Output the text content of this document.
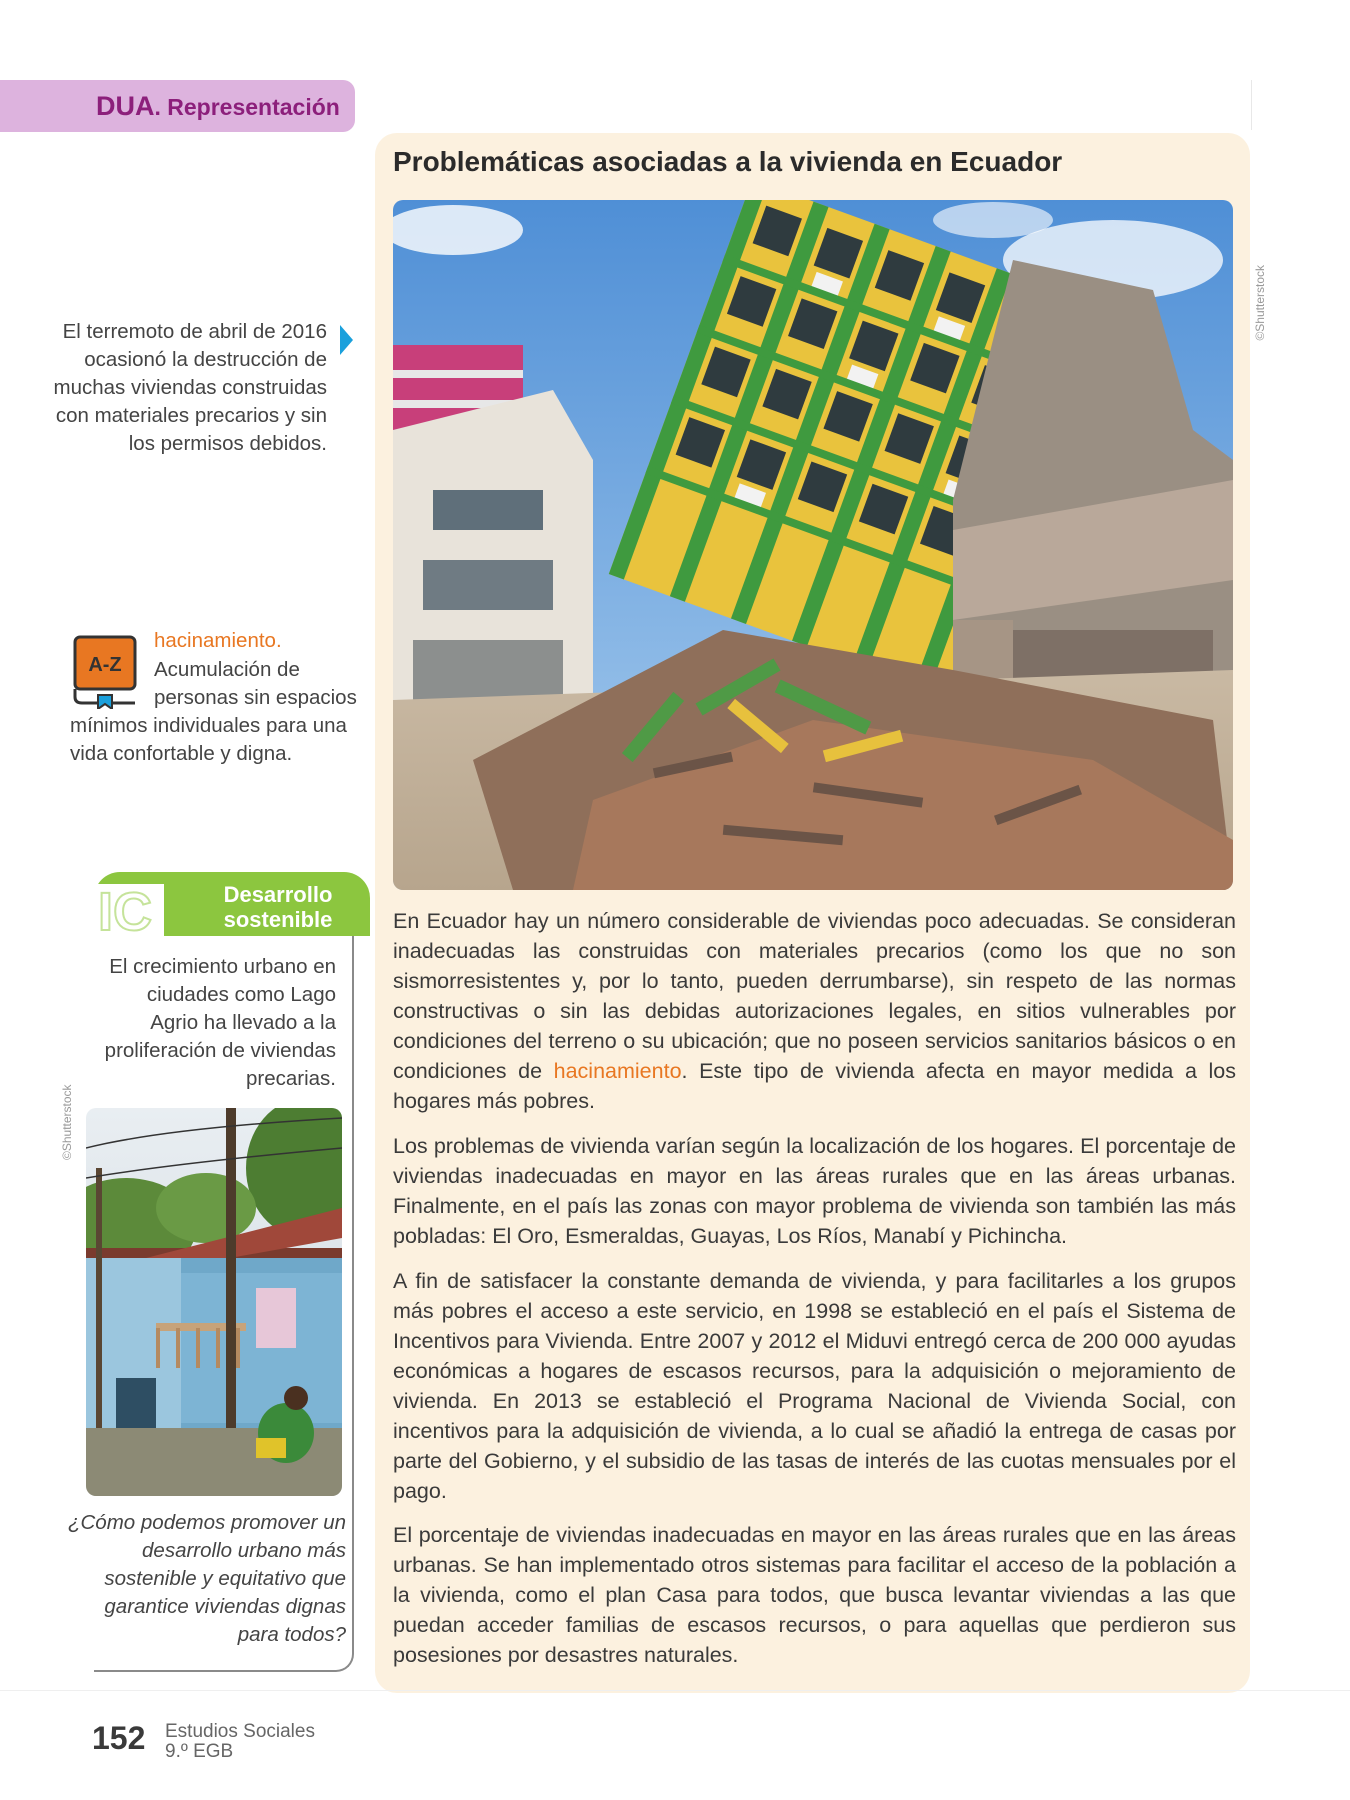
DUA. Representación
El terremoto de abril de 2016 ocasionó la destrucción de muchas viviendas construidas con materiales precarios y sin los permisos debidos.
A-Z
hacinamiento.
Acumulación de
personas sin espacios
mínimos individuales para una vida confortable y digna.
IC	Desarrollo
sostenible
El crecimiento urbano en ciudades como Lago Agrio ha llevado a la proliferación de viviendas precarias.
©Shutterstock
¿Cómo podemos promover un desarrollo urbano más sostenible y equitativo que garantice viviendas dignas para todos?
Problemáticas asociadas a la vivienda en Ecuador
©Shutterstock

En Ecuador hay un número considerable de viviendas poco adecuadas. Se consideran inadecuadas las construidas con materiales precarios (como los que no son sismorresistentes y, por lo tanto, pueden derrumbarse), sin respeto de las normas constructivas o sin las debidas autorizaciones legales, en sitios vulnerables por condiciones del terreno o su ubicación; que no poseen servicios sanitarios básicos o en condiciones de hacinamiento. Este tipo de vivienda afecta en mayor medida a los hogares más pobres.

Los problemas de vivienda varían según la localización de los hogares. El porcentaje de viviendas inadecuadas en mayor en las áreas rurales que en las áreas urbanas. Finalmente, en el país las zonas con mayor problema de vivienda son también las más pobladas: El Oro, Esmeraldas, Guayas, Los Ríos, Manabí y Pichincha.

A fin de satisfacer la constante demanda de vivienda, y para facilitarles a los grupos más pobres el acceso a este servicio, en 1998 se estableció en el país el Sistema de Incentivos para Vivienda. Entre 2007 y 2012 el Miduvi entregó cerca de 200 000 ayudas económicas a hogares de escasos recursos, para la adquisición o mejoramiento de vivienda. En 2013 se estableció el Programa Nacional de Vivienda Social, con incentivos para la adquisición de vivienda, a lo cual se añadió la entrega de casas por parte del Gobierno, y el subsidio de las tasas de interés de las cuotas mensuales por el pago.

El porcentaje de viviendas inadecuadas en mayor en las áreas rurales que en las áreas urbanas. Se han implementado otros sistemas para facilitar el acceso de la población a la vivienda, como el plan Casa para todos, que busca levantar viviendas a las que puedan acceder familias de escasos recursos, o para aquellas que perdieron sus posesiones por desastres naturales.

152 Estudios Sociales
9.º EGB
